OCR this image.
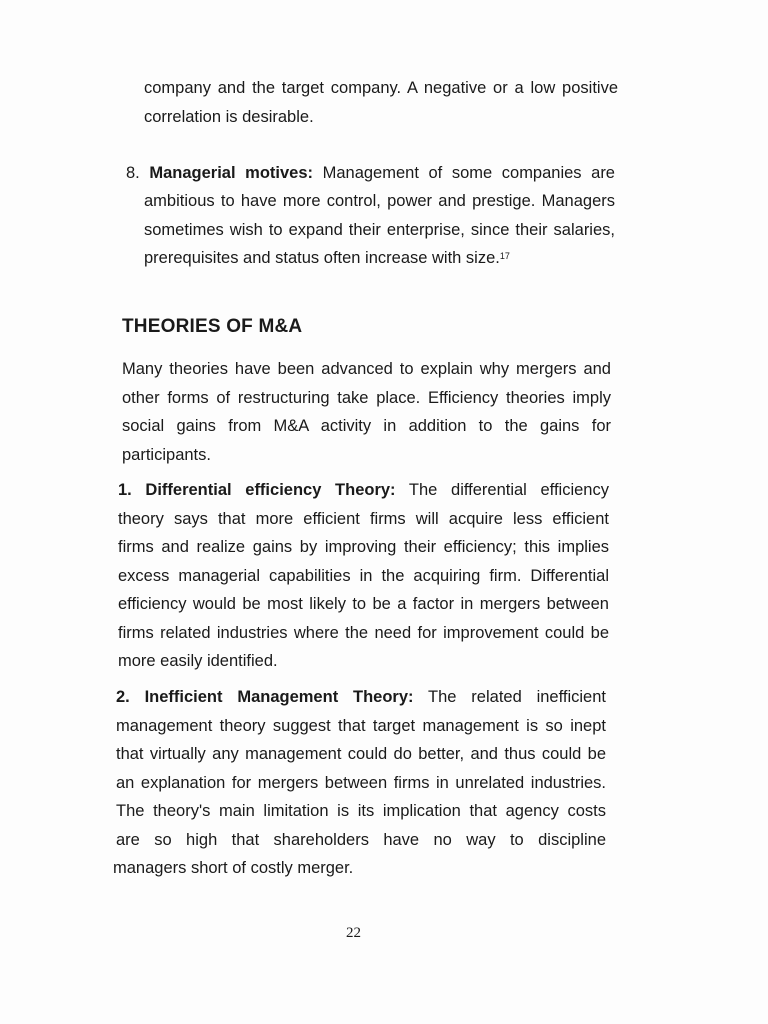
company and the target company. A negative or a low positive
correlation is desirable.
8. Managerial motives: Management of some companies are
ambitious to have more control, power and prestige. Managers
sometimes wish to expand their enterprise, since their salaries,
prerequisites and status often increase with size.$^{17}$
THEORIES OF M&A
Many theories have been advanced to explain why mergers and
other forms of restructuring take place. Efficiency theories imply
social gains from M&A activity in addition to the gains for
participants.
1. Differential efficiency Theory: The differential efficiency
theory says that more efficient firms will acquire less efficient
firms and realize gains by improving their efficiency; this implies
excess managerial capabilities in the acquiring firm. Differential
efficiency would be most likely to be a factor in mergers between
firms related industries where the need for improvement could be
more easily identified.
2. Inefficient Management Theory: The related inefficient
management theory suggest that target management is so inept
that virtually any management could do better, and thus could be
an explanation for mergers between firms in unrelated industries.
The theory's main limitation is its implication that agency costs
are so high that shareholders have no way to discipline
managers short of costly merger.
22
